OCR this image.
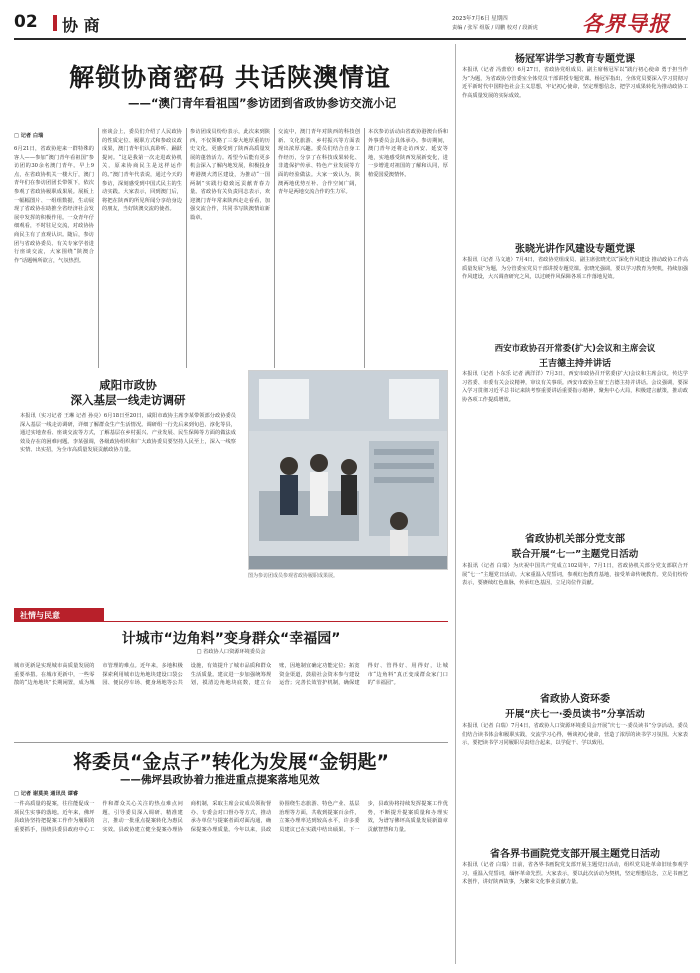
02 协 商	2023年7月6日 星期四
责编 / 张军 组版 / 周鹏 校对 / 段新虎 各界导报
解锁协商密码 共话陕澳情谊
——“澳门青年看祖国”参访团到省政协参访交流小记
□ 记者 白瑞
6月21日，省政协迎来一群特殊的客人——参加“澳门青年看祖国”参访团的30余名澳门青年。早上9点，在省政协机关一楼大厅，澳门青年们在参访团团长带领下，依次参观了省政协履职成果展。展板上一幅幅图片、一组组数据，生动展现了省政协在助推全省经济社会发展中发挥的积极作用。一众青年仔细观看，不时驻足交流，对政协协商民主有了直观认识。随后，参访团与省政协委员、有关专家学者进行座谈交流，大家围绕“陕澳合作”话题畅所欲言，气氛热烈。
座谈会上，委员们介绍了人民政协的性质定位、履职方式和参政议政成果，澳门青年们认真聆听、踊跃提问。“这是我第一次走进政协机关，原来协商民主是这样运作的。”澳门青年代表说，通过今天的参访，深刻感受到中国式民主的生动实践。大家表示，回到澳门后，将把在陕西的所见所闻分享给身边的朋友，当好陕澳交流的使者。
参访团成员纷纷表示，此次来到陕西，不仅领略了三秦大地厚重的历史文化，更感受到了陕西高质量发展的蓬勃活力。希望今后能有更多机会深入了解内地发展，积极投身粤港澳大湾区建设，为推动“一国两制”实践行稳致远贡献青春力量。省政协有关负责同志表示，欢迎澳门青年常来陕西走走看看，加强交流合作，共同书写陕澳情谊新篇章。
交流中，澳门青年对陕西的科技创新、文化旅游、乡村振兴等方面表现出浓厚兴趣。委员们结合自身工作经历，分享了在科技成果转化、非遗保护传承、特色产业发展等方面的经验做法。大家一致认为，陕澳两地优势互补、合作空间广阔，青年是两地交流合作的生力军。
本次参访活动由省政协港澳台侨和外事委员会具体承办。参访期间，澳门青年还将走访西安、延安等地，实地感受陕西发展新变化，进一步增进对祖国的了解和认同，厚植爱国爱澳情怀。
图为参访团成员参观省政协履职成果展。
咸阳市政协
深入基层一线走访调研
本报讯（实习记者 王琳 记者 孙亮）6月18日至20日，咸阳市政协主席李某带领部分政协委员深入基层一线走访调研，详细了解群众生产生活情况。调研组一行先后来到旬邑、淳化等县，通过实地查看、座谈交流等方式，了解基层在乡村振兴、产业发展、民生保障等方面的做法成效及存在的困难问题。李某强调，各级政协组织和广大政协委员要坚持人民至上，深入一线察实情、出实招，为全市高质量发展贡献政协力量。
社情与民意
计城市“边角料”变身群众“幸福园”
□ 省政协人口资源环境委员会
城市更新是实现城市高质量发展的重要举措。在城市更新中，一些零散的“边角地块”长期闲置，成为城市管理的难点。近年来，多地积极探索利用城市边角地块建设口袋公园、便民停车场、健身场地等公共设施，有效提升了城市品质和群众生活质量。建议进一步加强统筹规划，摸清边角地块底数，建立台账，因地制宜确定功能定位；拓宽资金渠道，鼓励社会资本参与建设运营；完善长效管护机制，确保建得好、管得好、用得好，让城市“边角料”真正变成群众家门口的“幸福园”。
将委员“金点子”转化为发展“金钥匙”
——佛坪县政协着力推进重点提案落地见效
□ 记者 谢莫美 通讯员 谭睿
一件高质量的提案，往往能促成一项民生实事的落地。近年来，佛坪县政协坚持把提案工作作为履职的重要抓手，围绕县委县政府中心工作和群众关心关注的热点难点问题，引导委员深入调研、精准建言，推动一批重点提案转化为惠民实效。县政协建立健全提案办理协商机制，采取主席会议成员领衔督办、专委会对口督办等方式，推动承办单位与提案者面对面沟通，确保提案办理质量。今年以来，县政协围绕生态旅游、特色产业、基层治理等方面，共收到提案百余件，立案办理率达到较高水平，许多委员建议已在实践中结出硕果。下一步，县政协将持续发挥提案工作优势，不断提升提案质量和办理实效，为谱写佛坪高质量发展新篇章贡献智慧和力量。
杨冠军讲学习教育专题党课
本报讯（记者 冯蕾欣）6月27日，省政协党组成员、副主席杨冠军以“践行初心使命 勇于担当作为”为题，为省政协分管委室全体党员干部讲授专题党课。杨冠军指出，全体党员要深入学习贯彻习近平新时代中国特色社会主义思想，牢记初心使命，坚定理想信念，把学习成果转化为推动政协工作高质量发展的实际成效。
张晓光讲作风建设专题党课
本报讯（记者 马文迪）7月4日，省政协党组成员、副主席张晓光以“深化作风建设 推动政协工作高质量发展”为题，为分管委室党员干部讲授专题党课。张晓光强调，要以学习教育为契机，持续加强作风建设，大兴调查研究之风，以过硬作风保障各项工作落地见效。
西安市政协召开常委(扩大)会议和主席会议
王吉德主持并讲话
本报讯（记者 卜东乐 记者 满洋洋）7月3日，西安市政协召开常委(扩大)会议和主席会议，传达学习省委、市委有关会议精神，审议有关事项。西安市政协主席王吉德主持并讲话。会议强调，要深入学习贯彻习近平总书记来陕考察重要讲话重要指示精神，聚焦中心大局，积极建言献策，推动政协各项工作提质增效。
省政协机关部分党支部
联合开展“七一”主题党日活动
本报讯（记者 白瑞）为庆祝中国共产党成立102周年，7月1日，省政协机关部分党支部联合开展“七一”主题党日活动。大家重温入党誓词，参观红色教育基地，接受革命传统教育。党员们纷纷表示，要赓续红色血脉，传承红色基因，立足岗位作贡献。
省政协人资环委
开展“庆七一·委员读书”分享活动
本报讯（记者 白瑞）7月4日，省政协人口资源环境委员会开展“庆七一·委员读书”分享活动。委员们结合读书体会和履职实践，交流学习心得，畅谈初心使命，营造了浓厚的读书学习氛围。大家表示，要把读书学习同履职尽责结合起来，以学促干、学以致用。
省各界书画院党支部开展主题党日活动
本报讯（记者 白瑞）日前，省各界书画院党支部开展主题党日活动，组织党员赴革命旧址参观学习，重温入党誓词，缅怀革命先烈。大家表示，要以此次活动为契机，坚定理想信念，立足书画艺术创作，讲好陕西故事，为繁荣文化事业贡献力量。
